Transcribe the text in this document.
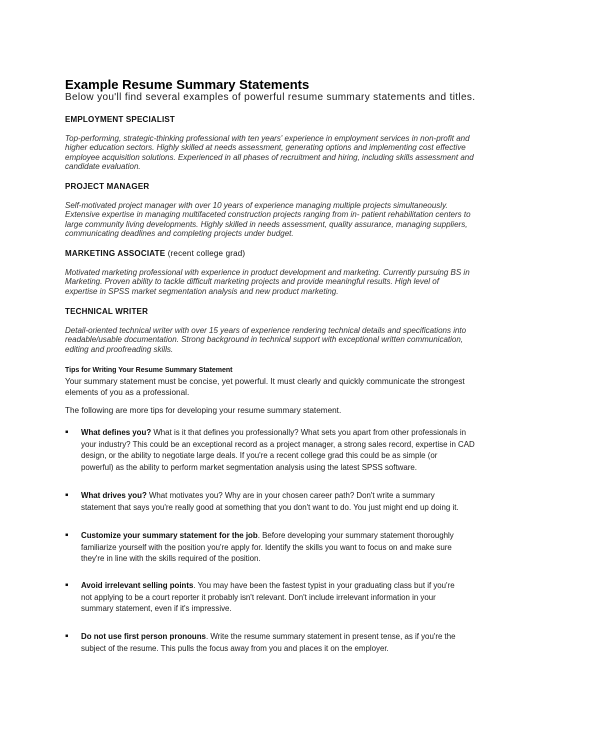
Example Resume Summary Statements

Below you'll find several examples of powerful resume summary statements and titles.

EMPLOYMENT SPECIALIST
Top-performing, strategic-thinking professional with ten years' experience in employment services in non-profit and
higher education sectors. Highly skilled at needs assessment, generating options and implementing cost effective
employee acquisition solutions. Experienced in all phases of recruitment and hiring, including skills assessment and
candidate evaluation.
PROJECT MANAGER
Self-motivated project manager with over 10 years of experience managing multiple projects simultaneously.
Extensive expertise in managing multifaceted construction projects ranging from in- patient rehabilitation centers to
large community living developments. Highly skilled in needs assessment, quality assurance, managing suppliers,
communicating deadlines and completing projects under budget.
MARKETING ASSOCIATE (recent college grad)
Motivated marketing professional with experience in product development and marketing. Currently pursuing BS in
Marketing. Proven ability to tackle difficult marketing projects and provide meaningful results. High level of
expertise in SPSS market segmentation analysis and new product marketing.
TECHNICAL WRITER
Detail-oriented technical writer with over 15 years of experience rendering technical details and specifications into
readable/usable documentation. Strong background in technical support with exceptional written communication,
editing and proofreading skills.
Tips for Writing Your Resume Summary Statement
Your summary statement must be concise, yet powerful. It must clearly and quickly communicate the strongest
elements of you as a professional.
The following are more tips for developing your resume summary statement.
▪ What defines you? What is it that defines you professionally? What sets you apart from other professionals in
your industry? This could be an exceptional record as a project manager, a strong sales record, expertise in CAD
design, or the ability to negotiate large deals. If you're a recent college grad this could be as simple (or
powerful) as the ability to perform market segmentation analysis using the latest SPSS software.
▪ What drives you? What motivates you? Why are in your chosen career path? Don't write a summary
statement that says you're really good at something that you don't want to do. You just might end up doing it.
▪ Customize your summary statement for the job. Before developing your summary statement thoroughly
familiarize yourself with the position you're apply for. Identify the skills you want to focus on and make sure
they're in line with the skills required of the position.
▪ Avoid irrelevant selling points. You may have been the fastest typist in your graduating class but if you're
not applying to be a court reporter it probably isn't relevant. Don't include irrelevant information in your
summary statement, even if it's impressive.
▪ Do not use first person pronouns. Write the resume summary statement in present tense, as if you're the
subject of the resume. This pulls the focus away from you and places it on the employer.
